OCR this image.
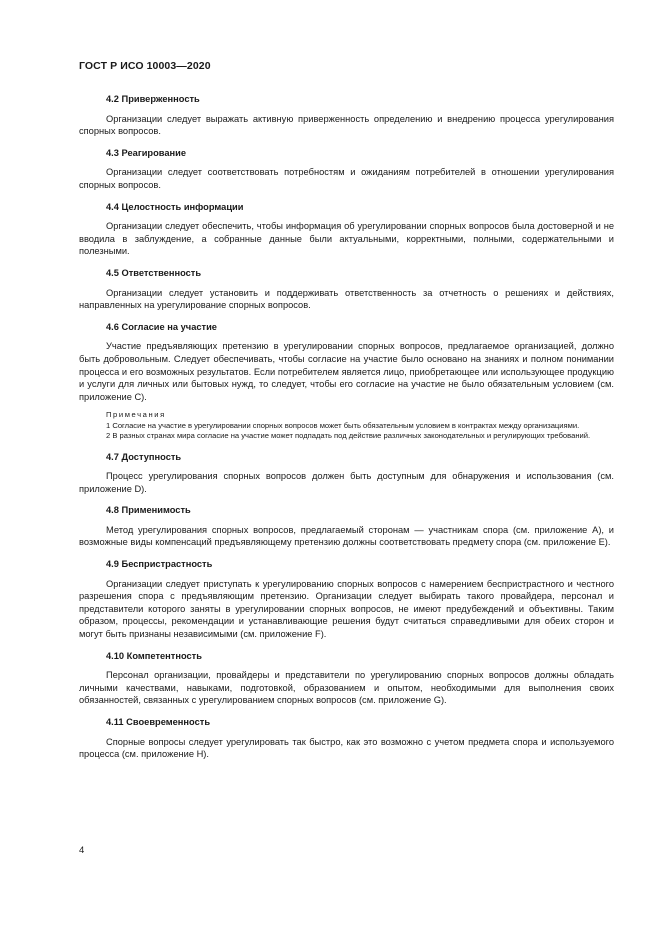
ГОСТ Р ИСО 10003—2020
4.2 Приверженность
Организации следует выражать активную приверженность определению и внедрению процесса урегулирования спорных вопросов.
4.3 Реагирование
Организации следует соответствовать потребностям и ожиданиям потребителей в отношении урегулирования спорных вопросов.
4.4 Целостность информации
Организации следует обеспечить, чтобы информация об урегулировании спорных вопросов была достоверной и не вводила в заблуждение, а собранные данные были актуальными, корректными, полными, содержательными и полезными.
4.5 Ответственность
Организации следует установить и поддерживать ответственность за отчетность о решениях и действиях, направленных на урегулирование спорных вопросов.
4.6 Согласие на участие
Участие предъявляющих претензию в урегулировании спорных вопросов, предлагаемое организацией, должно быть добровольным. Следует обеспечивать, чтобы согласие на участие было основано на знаниях и полном понимании процесса и его возможных результатов. Если потребителем является лицо, приобретающее или использующее продукцию и услуги для личных или бытовых нужд, то следует, чтобы его согласие на участие не было обязательным условием (см. приложение С).
Примечания
1 Согласие на участие в урегулировании спорных вопросов может быть обязательным условием в контрактах между организациями.
2 В разных странах мира согласие на участие может подпадать под действие различных законодательных и регулирующих требований.
4.7 Доступность
Процесс урегулирования спорных вопросов должен быть доступным для обнаружения и использования (см. приложение D).
4.8 Применимость
Метод урегулирования спорных вопросов, предлагаемый сторонам — участникам спора (см. приложение А), и возможные виды компенсаций предъявляющему претензию должны соответствовать предмету спора (см. приложение E).
4.9 Беспристрастность
Организации следует приступать к урегулированию спорных вопросов с намерением беспристрастного и честного разрешения спора с предъявляющим претензию. Организации следует выбирать такого провайдера, персонал и представители которого заняты в урегулировании спорных вопросов, не имеют предубеждений и объективны. Таким образом, процессы, рекомендации и устанавливающие решения будут считаться справедливыми для обеих сторон и могут быть признаны независимыми (см. приложение F).
4.10 Компетентность
Персонал организации, провайдеры и представители по урегулированию спорных вопросов должны обладать личными качествами, навыками, подготовкой, образованием и опытом, необходимыми для выполнения своих обязанностей, связанных с урегулированием спорных вопросов (см. приложение G).
4.11 Своевременность
Спорные вопросы следует урегулировать так быстро, как это возможно с учетом предмета спора и используемого процесса (см. приложение H).
4
